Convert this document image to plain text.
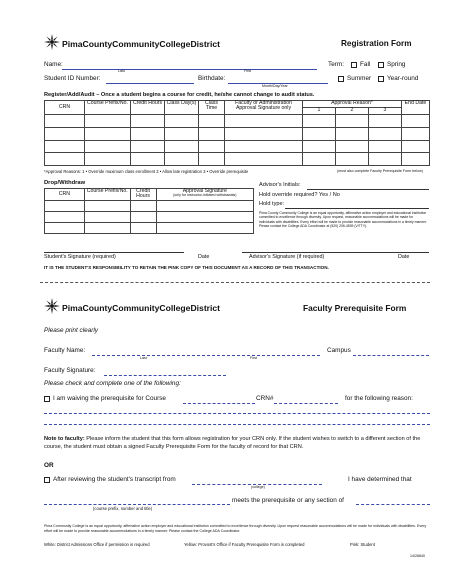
PimaCountyCommunityCollegeDistrict	Registration Form
Name:
Last	First
Term:	Fall	Spring
Student ID Number:	Birthdate:
Month/Day/Year
Summer Year-round
Register/Add/Audit – Once a student begins a course for credit, he/she cannot change to audit status.
CRN	Course Prefix/No.	Credit Hours	Class Day(s)	Class Time	Faculty or Administration Approval Signature only	Approval Reason*			End Date
						1	2	3	

*Approval Reasons: 1 • Override maximum class enrollment 2 • Allow late registration 3 • Override prerequisite	(must also complete Faculty Prerequisite Form below)
Drop/Withdraw
CRN	Course Prefix/No.	Credit Hours	Approval Signature
(only for instructor-initiated withdrawals)

Advisor's Initials:
Hold override required? Yes / No
Hold type:
Pima County Community College is an equal opportunity, affirmative action employer and educational institution committed to excellence through diversity. Upon request, reasonable accommodations will be made for individuals with disabilities. Every effort will be made to provide reasonable accommodations in a timely manner. Please contact the College ADA Coordinator at (520) 206-4539 (V/TTY).
Student's Signature (required)	Date	Advisor's Signature (if required)	Date
IT IS THE STUDENT'S RESPONSIBILITY TO RETAIN THE PINK COPY OF THIS DOCUMENT AS A RECORD OF THIS TRANSACTION.
PimaCountyCommunityCollegeDistrict	Faculty Prerequisite Form
Please print clearly
Faculty Name:
Last	First
Campus
Faculty Signature:
Please check and complete one of the following:
I am waiving the prerequisite for Course	CRN#	for the following reason:
Note to faculty: Please inform the student that this form allows registration for your CRN only. If the student wishes to switch to a different section of the course, the student must obtain a signed Faculty Prerequisite Form for the faculty of record for that CRN.
OR
After reviewing the student's transcript from
(college)
I have determined that
(course prefix, number and title)
meets the prerequisite or any section of
Pima Community College is an equal opportunity, affirmative action employer and educational institution committed to excellence through diversity. Upon request reasonable accommodations will be made for individuals with disabilities. Every effort will be made to provide reasonable accommodations in a timely manner. Please contact the College ADA Coordinator.
White: District Admissions Office if permission is required	Yellow: Provost's Office if Faculty Prerequisite Form is completed	Pink: Student
14/26840
